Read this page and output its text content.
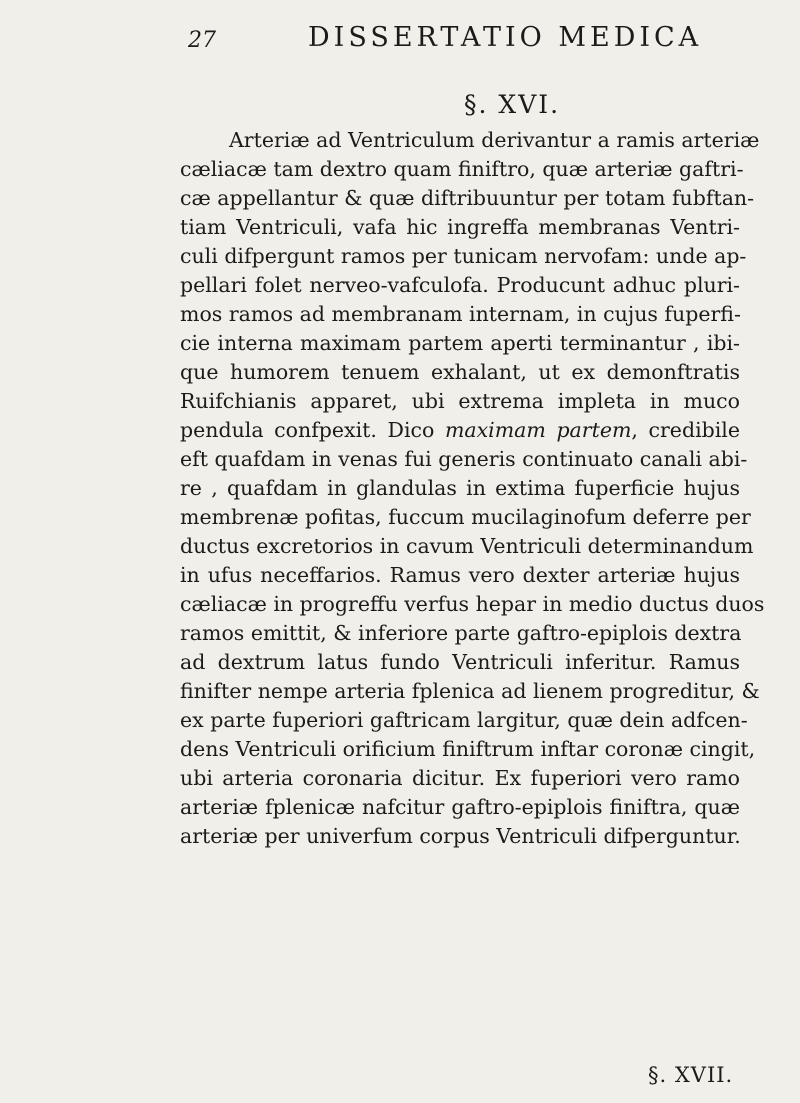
27	DISSERTATIO MEDICA
§. XVI.
Arteriæ ad Ventriculum derivantur a ramis arteriæ
cæliacæ tam dextro quam finiftro, quæ arteriæ gaftri-
cæ appellantur & quæ diftribuuntur per totam fubftan-
tiam Ventriculi, vafa hic ingreffa membranas Ventri-
culi difpergunt ramos per tunicam nervofam: unde ap-
pellari folet nerveo-vafculofa. Producunt adhuc pluri-
mos ramos ad membranam internam, in cujus fuperfi-
cie interna maximam partem aperti terminantur , ibi-
que humorem tenuem exhalant, ut ex demonftratis
Ruifchianis apparet, ubi extrema impleta in muco
pendula confpexit. Dico maximam partem, credibile
eft quafdam in venas fui generis continuato canali abi-
re , quafdam in glandulas in extima fuperficie hujus
membrenæ pofitas, fuccum mucilaginofum deferre per
ductus excretorios in cavum Ventriculi determinandum
in ufus neceffarios. Ramus vero dexter arteriæ hujus
cæliacæ in progreffu verfus hepar in medio ductus duos
ramos emittit, & inferiore parte gaftro-epiplois dextra
ad dextrum latus fundo Ventriculi inferitur. Ramus
finifter nempe arteria fplenica ad lienem progreditur, &
ex parte fuperiori gaftricam largitur, quæ dein adfcen-
dens Ventriculi orificium finiftrum inftar coronæ cingit,
ubi arteria coronaria dicitur. Ex fuperiori vero ramo
arteriæ fplenicæ nafcitur gaftro-epiplois finiftra, quæ
arteriæ per univerfum corpus Ventriculi difperguntur.
§. XVII.
